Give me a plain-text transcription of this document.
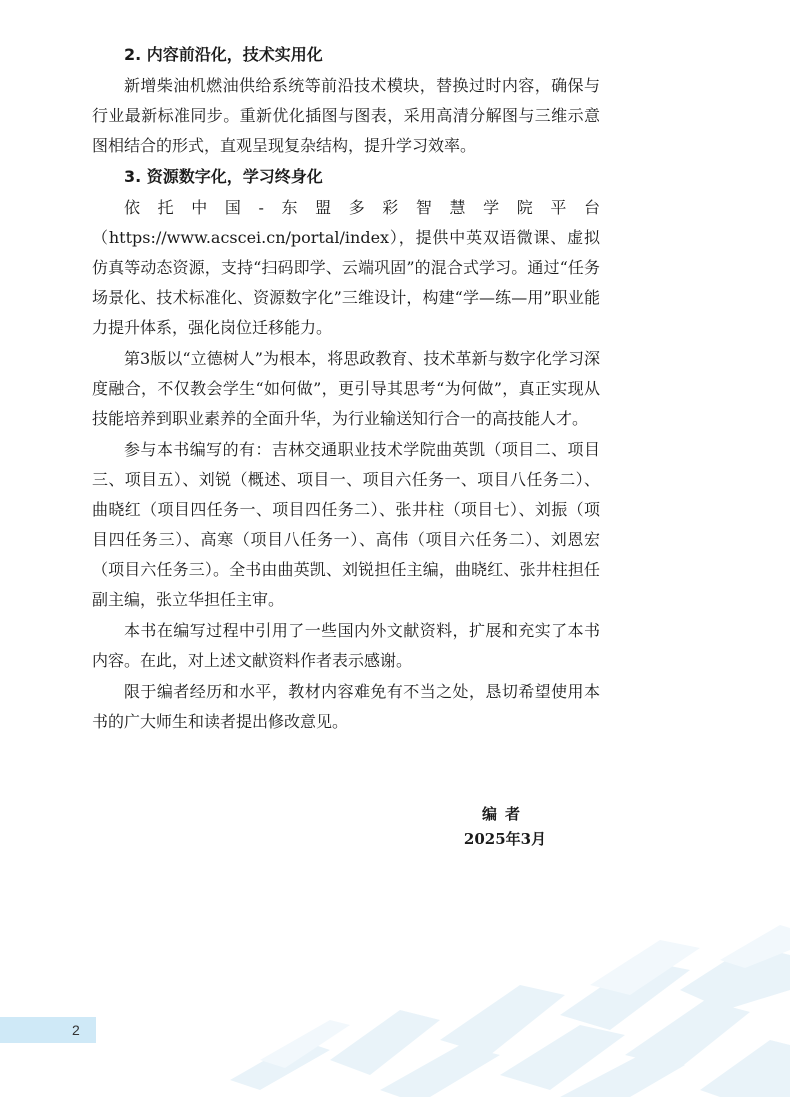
2. 内容前沿化，技术实用化

新增柴油机燃油供给系统等前沿技术模块，替换过时内容，确保与行业最新标准同步。重新优化插图与图表，采用高清分解图与三维示意图相结合的形式，直观呈现复杂结构，提升学习效率。

3. 资源数字化，学习终身化

依托中国-东盟多彩智慧学院平台（https://www.acscei.cn/portal/index），提供中英双语微课、虚拟仿真等动态资源，支持“扫码即学、云端巩固”的混合式学习。通过“任务场景化、技术标准化、资源数字化”三维设计，构建“学—练—用”职业能力提升体系，强化岗位迁移能力。

第3版以“立德树人”为根本，将思政教育、技术革新与数字化学习深度融合，不仅教会学生“如何做”，更引导其思考“为何做”，真正实现从技能培养到职业素养的全面升华，为行业输送知行合一的高技能人才。

参与本书编写的有：吉林交通职业技术学院曲英凯（项目二、项目三、项目五）、刘锐（概述、项目一、项目六任务一、项目八任务二）、曲晓红（项目四任务一、项目四任务二）、张井柱（项目七）、刘振（项目四任务三）、高寒（项目八任务一）、高伟（项目六任务二）、刘恩宏（项目六任务三）。全书由曲英凯、刘锐担任主编，曲晓红、张井柱担任副主编，张立华担任主审。

本书在编写过程中引用了一些国内外文献资料，扩展和充实了本书内容。在此，对上述文献资料作者表示感谢。

限于编者经历和水平，教材内容难免有不当之处，恳切希望使用本书的广大师生和读者提出修改意见。

编者
2025年3月
2
